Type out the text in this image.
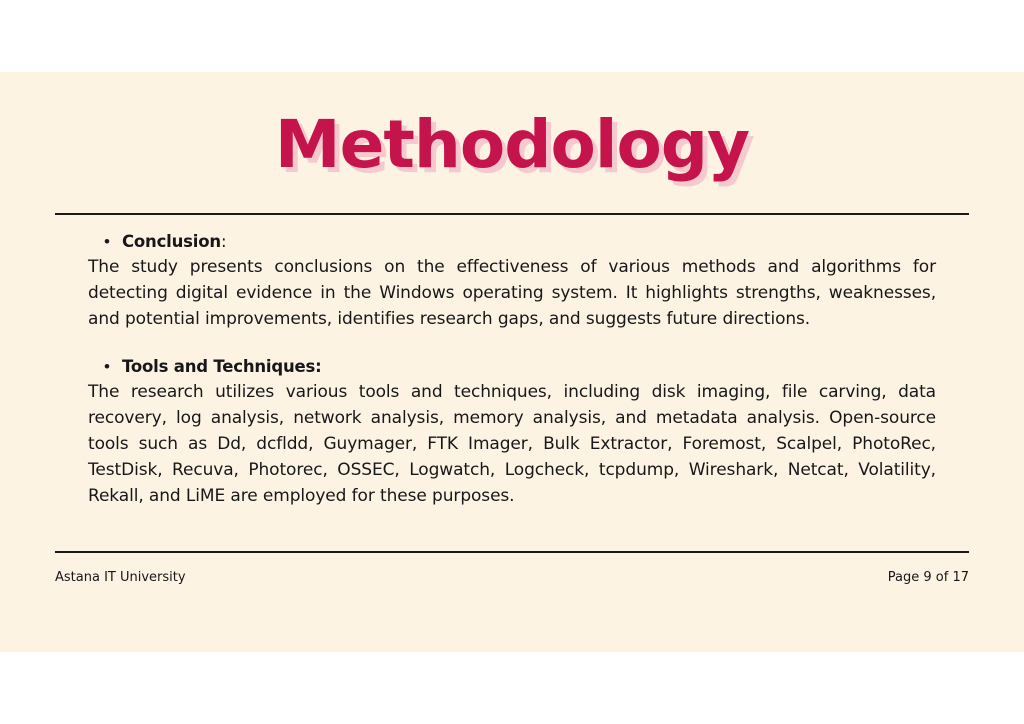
Methodology
• Conclusion:

The study presents conclusions on the effectiveness of various methods and algorithms for detecting digital evidence in the Windows operating system. It highlights strengths, weaknesses, and potential improvements, identifies research gaps, and suggests future directions.

• Tools and Techniques:

The research utilizes various tools and techniques, including disk imaging, file carving, data recovery, log analysis, network analysis, memory analysis, and metadata analysis. Open-source tools such as Dd, dcfldd, Guymager, FTK Imager, Bulk Extractor, Foremost, Scalpel, PhotoRec, TestDisk, Recuva, Photorec, OSSEC, Logwatch, Logcheck, tcpdump, Wireshark, Netcat, Volatility, Rekall, and LiME are employed for these purposes.

Astana IT University	Page 9 of 17
